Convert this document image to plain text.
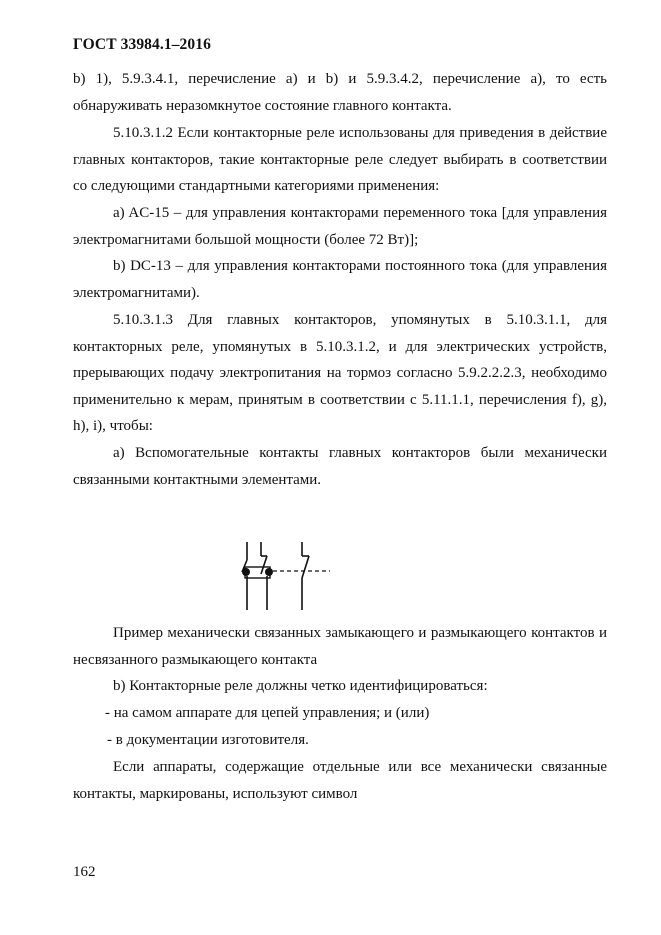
ГОСТ 33984.1–2016

b) 1), 5.9.3.4.1, перечисление a) и b) и 5.9.3.4.2, перечисление a), то есть обнаруживать неразомкнутое состояние главного контакта.

5.10.3.1.2 Если контакторные реле использованы для приведения в действие главных контакторов, такие контакторные реле следует выбирать в соответствии со следующими стандартными категориями применения:

a) AC-15 – для управления контакторами переменного тока [для управления электромагнитами большой мощности (более 72 Вт)];

b) DC-13 – для управления контакторами постоянного тока (для управления электромагнитами).

5.10.3.1.3 Для главных контакторов, упомянутых в 5.10.3.1.1, для контакторных реле, упомянутых в 5.10.3.1.2, и для электрических устройств, прерывающих подачу электропитания на тормоз согласно 5.9.2.2.2.3, необходимо применительно к мерам, принятым в соответствии с 5.11.1.1, перечисления f), g), h), i), чтобы:

a) Вспомогательные контакты главных контакторов были механически связанными контактными элементами.

Пример механически связанных замыкающего и размыкающего контактов и несвязанного размыкающего контакта

b) Контакторные реле должны четко идентифицироваться:

- на самом аппарате для цепей управления; и (или)

- в документации изготовителя.

Если аппараты, содержащие отдельные или все механически связанные контакты, маркированы, используют символ

162
